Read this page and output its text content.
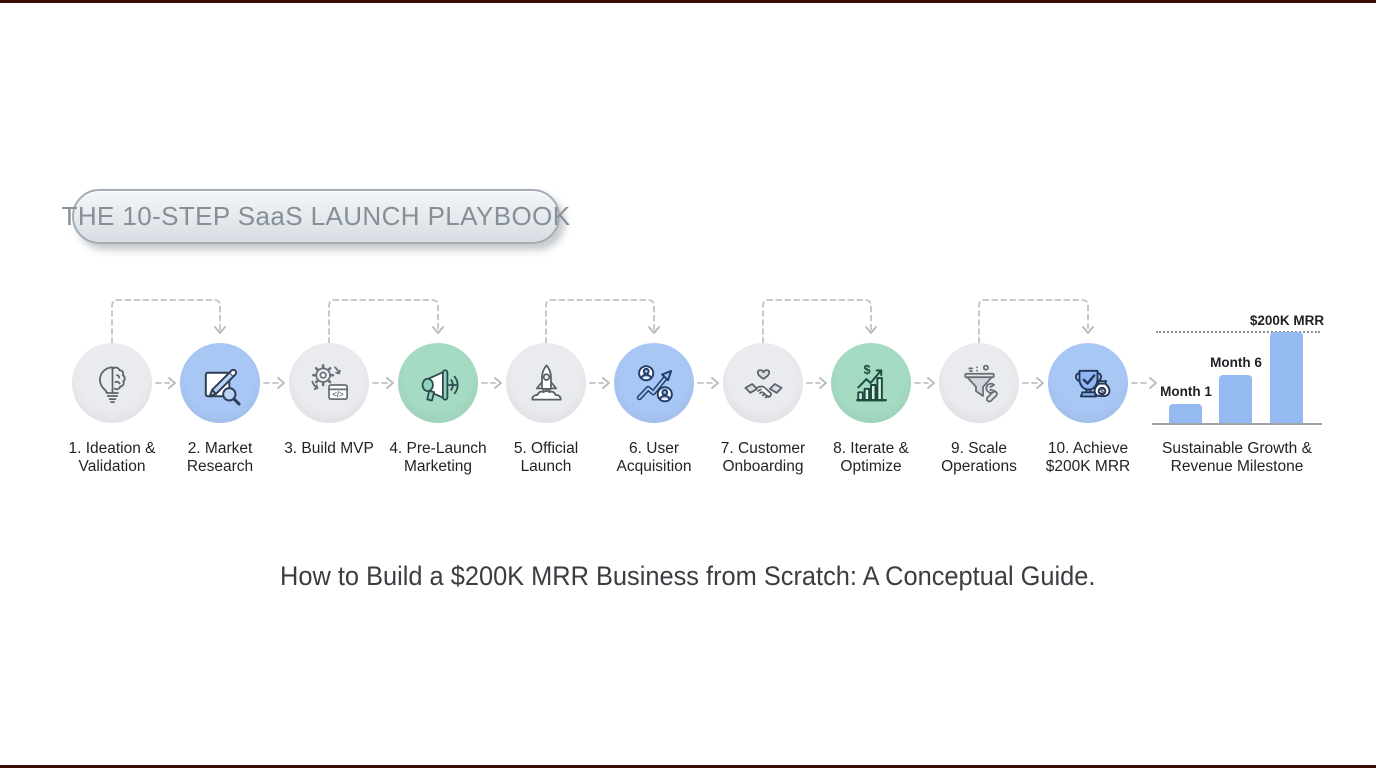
THE 10-STEP SaaS LAUNCH PLAYBOOK
1. Ideation &
Validation
2. Market
Research
</>
3. Build MVP	4. Pre-Launch
Marketing
5. Official
Launch
6. User
Acquisition
7. Customer
Onboarding
$
8. Iterate &
Optimize
9. Scale
Operations
$
10. Achieve
$200K MRR
Month 1
Month 6
$200K MRR
Sustainable Growth &
Revenue Milestone
How to Build a $200K MRR Business from Scratch: A Conceptual Guide.
